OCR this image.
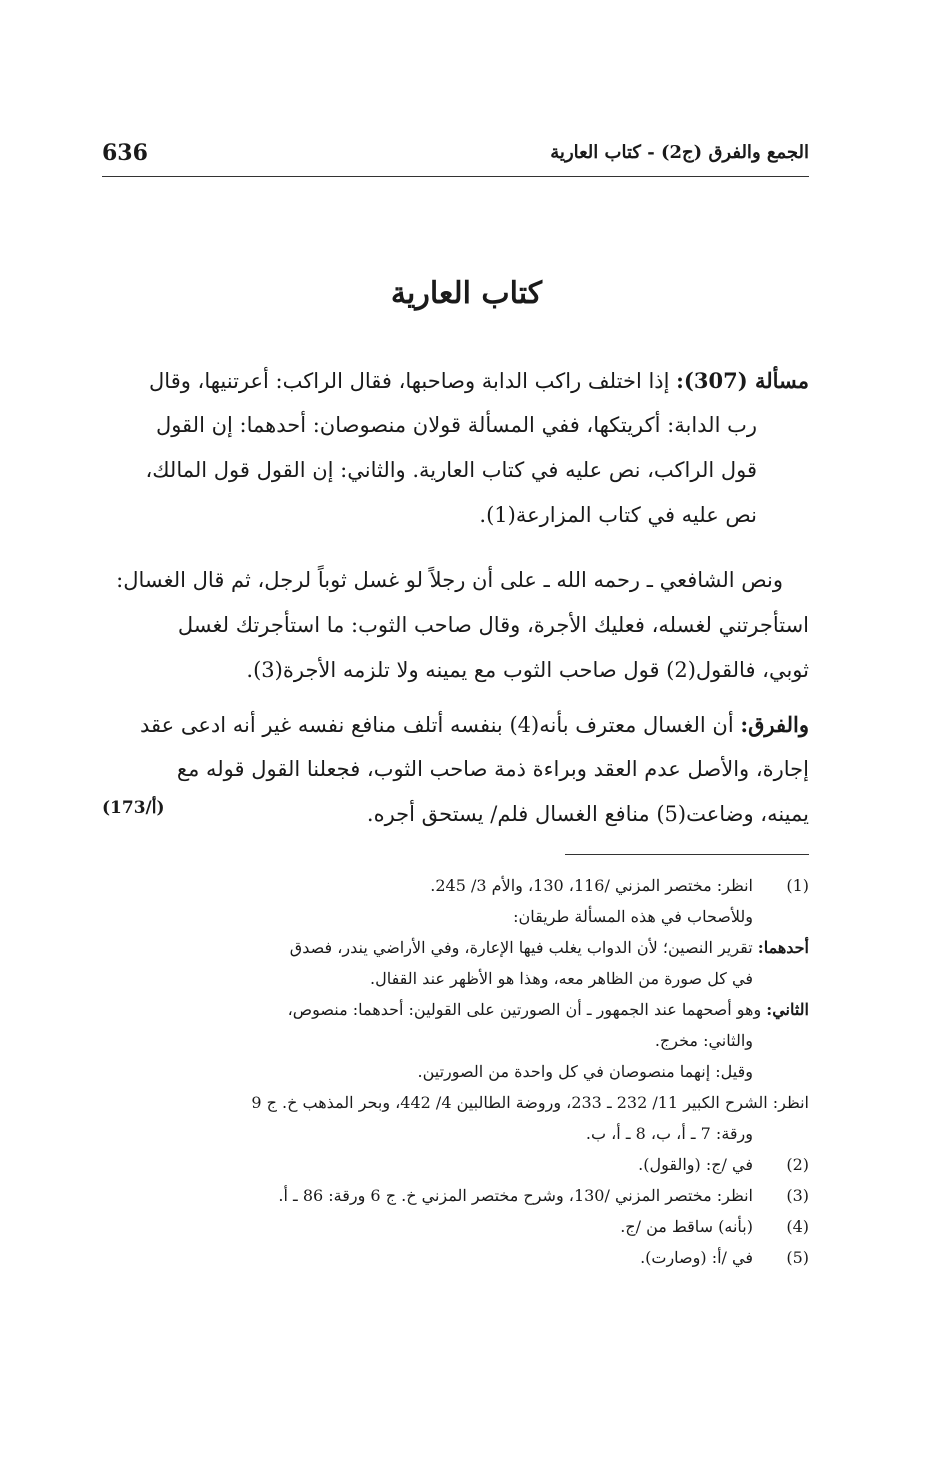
636	الجمع والفرق (ج2) - كتاب العارية
كتاب العارية
مسألة (307): إذا اختلف راكب الدابة وصاحبها، فقال الراكب: أعرتنيها، وقال
رب الدابة: أكريتكها، ففي المسألة قولان منصوصان: أحدهما: إن القول
قول الراكب، نص عليه في كتاب العارية. والثاني: إن القول قول المالك،
نص عليه في كتاب المزارعة(1).
ونص الشافعي ـ رحمه الله ـ على أن رجلاً لو غسل ثوباً لرجل، ثم قال الغسال:
استأجرتني لغسله، فعليك الأجرة، وقال صاحب الثوب: ما استأجرتك لغسل
ثوبي، فالقول(2) قول صاحب الثوب مع يمينه ولا تلزمه الأجرة(3).
والفرق: أن الغسال معترف بأنه(4) بنفسه أتلف منافع نفسه غير أنه ادعى عقد
إجارة، والأصل عدم العقد وبراءة ذمة صاحب الثوب، فجعلنا القول قوله مع
يمينه، وضاعت(5) منافع الغسال فلم/ يستحق أجره.
(173/أ)
(1)انظر: مختصر المزني /116، 130، والأم 3/ 245.
وللأصحاب في هذه المسألة طريقان:
أحدهما: تقرير النصين؛ لأن الدواب يغلب فيها الإعارة، وفي الأراضي يندر، فصدق
في كل صورة من الظاهر معه، وهذا هو الأظهر عند القفال.
الثاني: وهو أصحهما عند الجمهور ـ أن الصورتين على القولين: أحدهما: منصوص،
والثاني: مخرج.
وقيل: إنهما منصوصان في كل واحدة من الصورتين.
انظر: الشرح الكبير 11/ 232 ـ 233، وروضة الطالبين 4/ 442، وبحر المذهب خ. ج 9
ورقة: 7 ـ أ، ب، 8 ـ أ، ب.
(2)في /ج: (والقول).
(3)انظر: مختصر المزني /130، وشرح مختصر المزني خ. ج 6 ورقة: 86 ـ أ.
(4)(بأنه) ساقط من /ج.
(5)في /أ: (وصارت).
